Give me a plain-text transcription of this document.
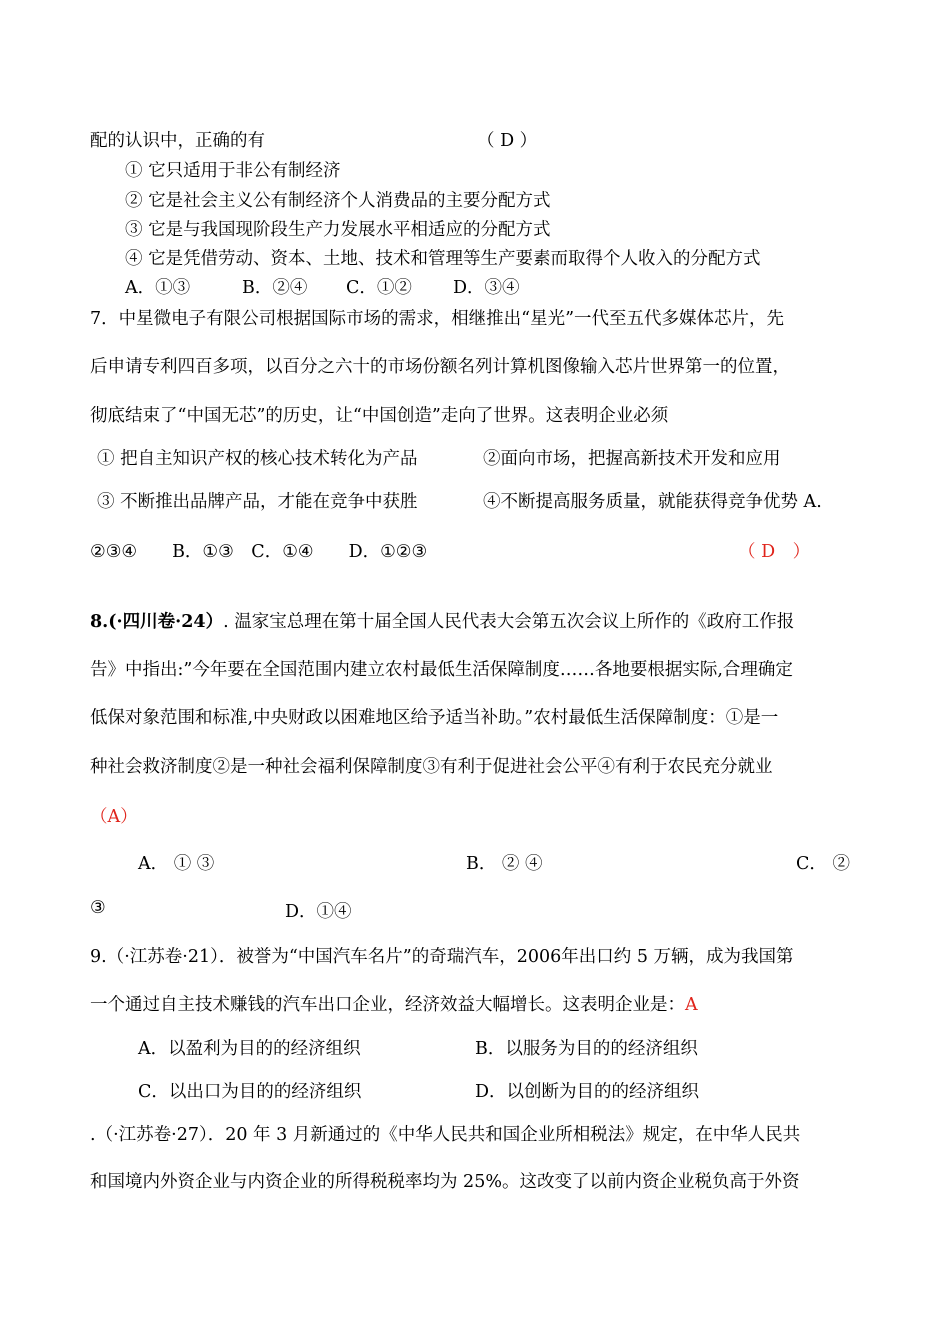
配的认识中，正确的有	（ D ）
① 它只适用于非公有制经济
② 它是社会主义公有制经济个人消费品的主要分配方式
③ 它是与我国现阶段生产力发展水平相适应的分配方式
④ 它是凭借劳动、资本、土地、技术和管理等生产要素而取得个人收入的分配方式
A．①③	B．②④ C．①② D．③④
7．中星微电子有限公司根据国际市场的需求，相继推出“星光”一代至五代多媒体芯片，先
后申请专利四百多项，以百分之六十的市场份额名列计算机图像输入芯片世界第一的位置，
彻底结束了“中国无芯”的历史，让“中国创造”走向了世界。这表明企业必须
① 把自主知识产权的核心技术转化为产品	②面向市场，把握高新技术开发和应用
③ 不断推出品牌产品，才能在竞争中获胜	④不断提高服务质量，就能获得竞争优势 A.
②③④　　B．①③　C．①④　　D．①②③	（ D　）
8.(·四川卷·24）. 温家宝总理在第十届全国人民代表大会第五次会议上所作的《政府工作报
告》中指出:”今年要在全国范围内建立农村最低生活保障制度……各地要根据实际,合理确定
低保对象范围和标准,中央财政以困难地区给予适当补助。”农村最低生活保障制度：①是一
种社会救济制度②是一种社会福利保障制度③有利于促进社会公平④有利于农民充分就业
（A）
A． ① ③	B． ② ④	C． ②
③	D．①④
9.（·江苏卷·21）．被誉为“中国汽车名片”的奇瑞汽车，2006年出口约 5 万辆，成为我国第
一个通过自主技术赚钱的汽车出口企业，经济效益大幅增长。这表明企业是：A
A．以盈利为目的的经济组织	B．以服务为目的的经济组织
C．以出口为目的的经济组织	D．以创断为目的的经济组织
.（·江苏卷·27）．20 年 3 月新通过的《中华人民共和国企业所相税法》规定，在中华人民共
和国境内外资企业与内资企业的所得税税率均为 25%。这改变了以前内资企业税负高于外资
